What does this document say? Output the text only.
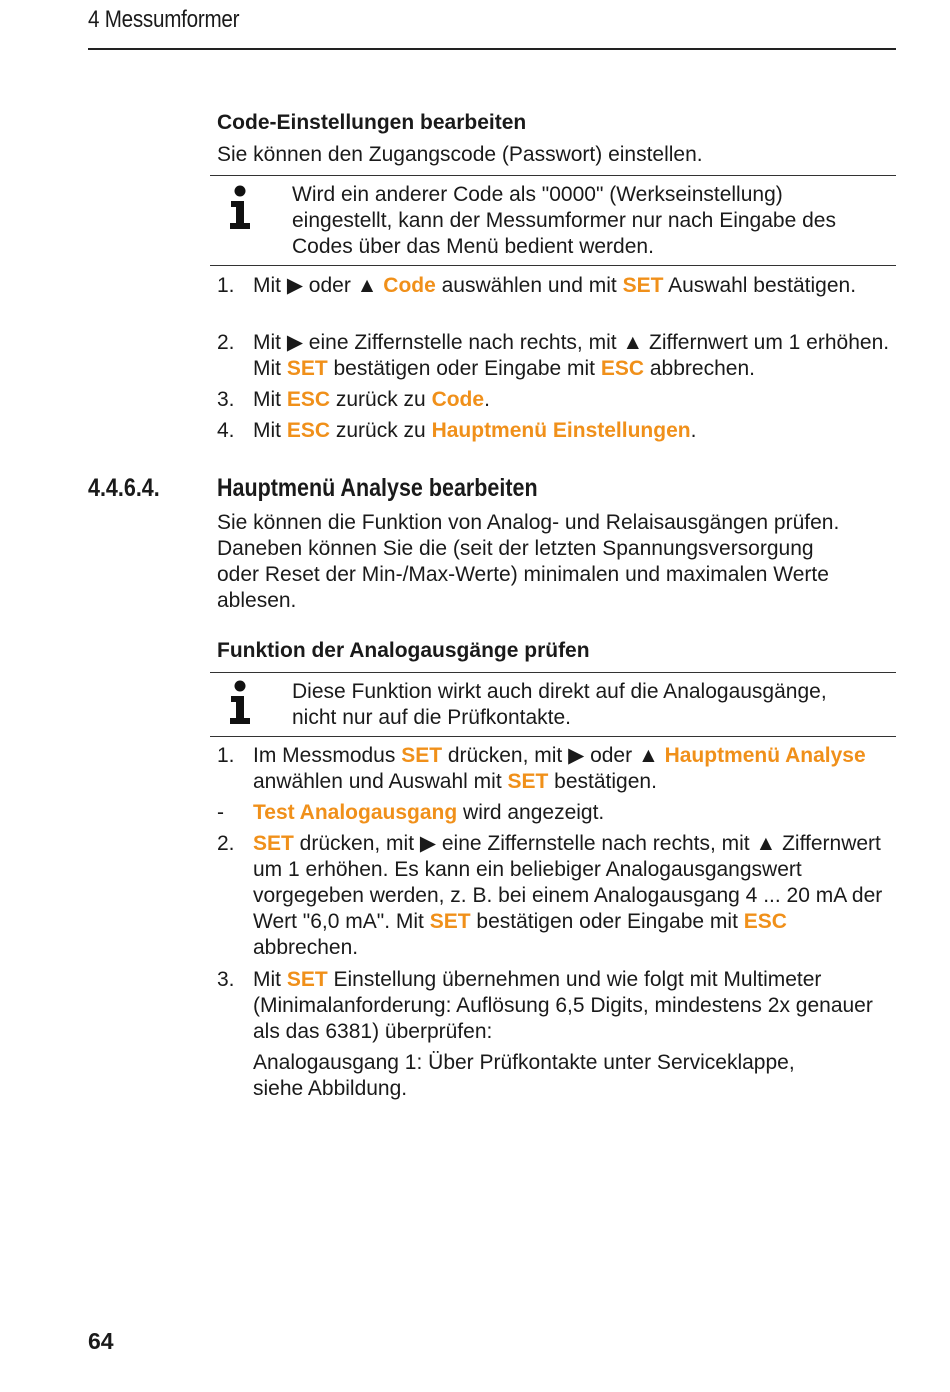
4 Messumformer
Code-Einstellungen bearbeiten
Sie können den Zugangscode (Passwort) einstellen.
Wird ein anderer Code als "0000" (Werkseinstellung)
eingestellt, kann der Messumformer nur nach Eingabe des
Codes über das Menü bedient werden.
1. Mit ▶ oder ▲ Code auswählen und mit SET Auswahl bestätigen.
2. Mit ▶ eine Ziffernstelle nach rechts, mit ▲ Ziffernwert um 1 erhöhen. Mit SET bestätigen oder Eingabe mit ESC abbrechen.
3. Mit ESC zurück zu Code.
4. Mit ESC zurück zu Hauptmenü Einstellungen.
4.4.6.4. Hauptmenü Analyse bearbeiten
Sie können die Funktion von Analog- und Relaisausgängen prüfen.
Daneben können Sie die (seit der letzten Spannungsversorgung
oder Reset der Min-/Max-Werte) minimalen und maximalen Werte
ablesen.
Funktion der Analogausgänge prüfen
Diese Funktion wirkt auch direkt auf die Analogausgänge,
nicht nur auf die Prüfkontakte.
1. Im Messmodus SET drücken, mit ▶ oder ▲ Hauptmenü Analyse anwählen und Auswahl mit SET bestätigen.
-	Test Analogausgang wird angezeigt.
2. SET drücken, mit ▶ eine Ziffernstelle nach rechts, mit ▲ Ziffernwert um 1 erhöhen. Es kann ein beliebiger Analogausgangswert vorgegeben werden, z. B. bei einem Analogausgang 4 ... 20 mA der Wert "6,0 mA". Mit SET bestätigen oder Eingabe mit ESC abbrechen.
3. Mit SET Einstellung übernehmen und wie folgt mit Multimeter (Minimalanforderung: Auflösung 6,5 Digits, mindestens 2x genauer als das 6381) überprüfen:
Analogausgang 1: Über Prüfkontakte unter Serviceklappe,
siehe Abbildung.
64
